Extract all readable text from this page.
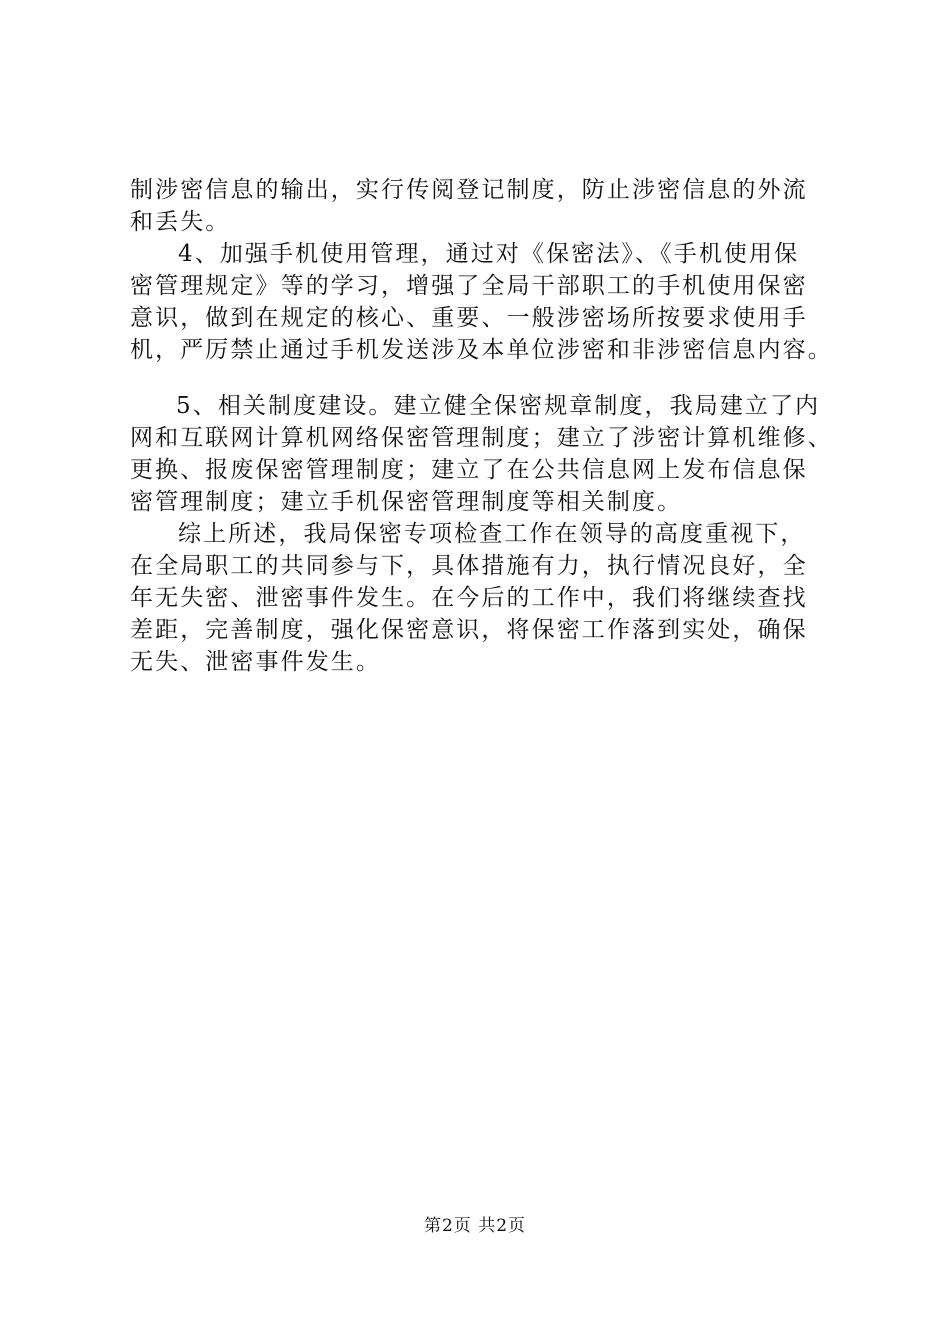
制涉密信息的输出，实行传阅登记制度，防止涉密信息的外流

和丢失。

4、加强手机使用管理，通过对《保密法》、《手机使用保

密管理规定》等的学习，增强了全局干部职工的手机使用保密

意识，做到在规定的核心、重要、一般涉密场所按要求使用手

机，严厉禁止通过手机发送涉及本单位涉密和非涉密信息内容。

5、相关制度建设。建立健全保密规章制度，我局建立了内

网和互联网计算机网络保密管理制度；建立了涉密计算机维修、

更换、报废保密管理制度；建立了在公共信息网上发布信息保

密管理制度；建立手机保密管理制度等相关制度。

综上所述，我局保密专项检查工作在领导的高度重视下，

在全局职工的共同参与下，具体措施有力，执行情况良好，全

年无失密、泄密事件发生。在今后的工作中，我们将继续查找

差距，完善制度，强化保密意识，将保密工作落到实处，确保

无失、泄密事件发生。

第2页 共2页
